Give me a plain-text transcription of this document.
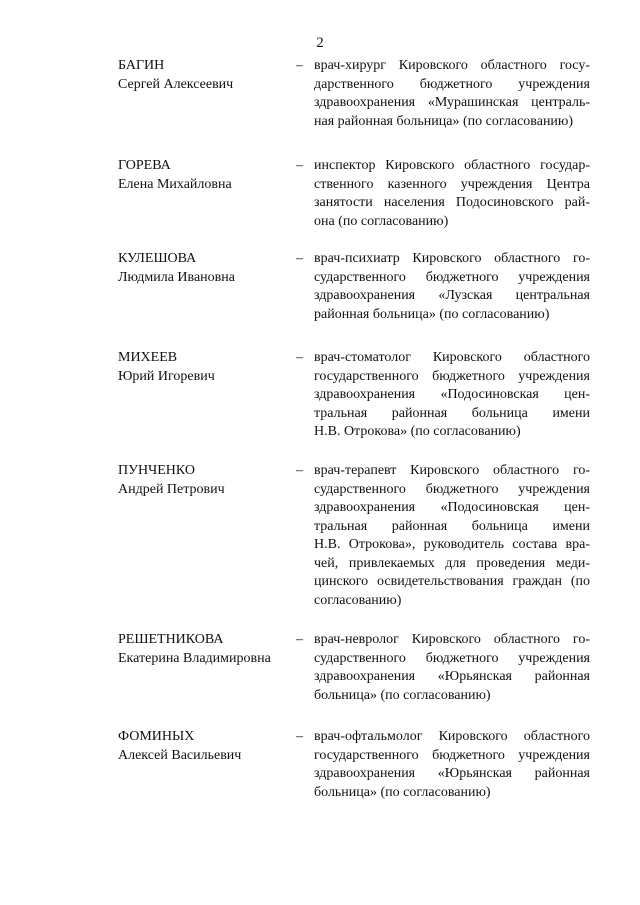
2
БАГИН
Сергей Алексеевич
– врач-хирург Кировского областного госу-
дарственного бюджетного учреждения
здравоохранения «Мурашинская централь-
ная районная больница» (по согласованию)
ГОРЕВА
Елена Михайловна
– инспектор Кировского областного государ-
ственного казенного учреждения Центра
занятости населения Подосиновского рай-
она (по согласованию)
КУЛЕШОВА
Людмила Ивановна
– врач-психиатр Кировского областного го-
сударственного бюджетного учреждения
здравоохранения «Лузская центральная
районная больница» (по согласованию)
МИХЕЕВ
Юрий Игоревич
– врач-стоматолог Кировского областного
государственного бюджетного учреждения
здравоохранения «Подосиновская цен-
тральная районная больница имени
Н.В. Отрокова» (по согласованию)
ПУНЧЕНКО
Андрей Петрович
– врач-терапевт Кировского областного го-
сударственного бюджетного учреждения
здравоохранения «Подосиновская цен-
тральная районная больница имени
Н.В. Отрокова», руководитель состава вра-
чей, привлекаемых для проведения меди-
цинского освидетельствования граждан (по
согласованию)
РЕШЕТНИКОВА
Екатерина Владимировна
– врач-невролог Кировского областного го-
сударственного бюджетного учреждения
здравоохранения «Юрьянская районная
больница» (по согласованию)
ФОМИНЫХ
Алексей Васильевич
– врач-офтальмолог Кировского областного
государственного бюджетного учреждения
здравоохранения «Юрьянская районная
больница» (по согласованию)
